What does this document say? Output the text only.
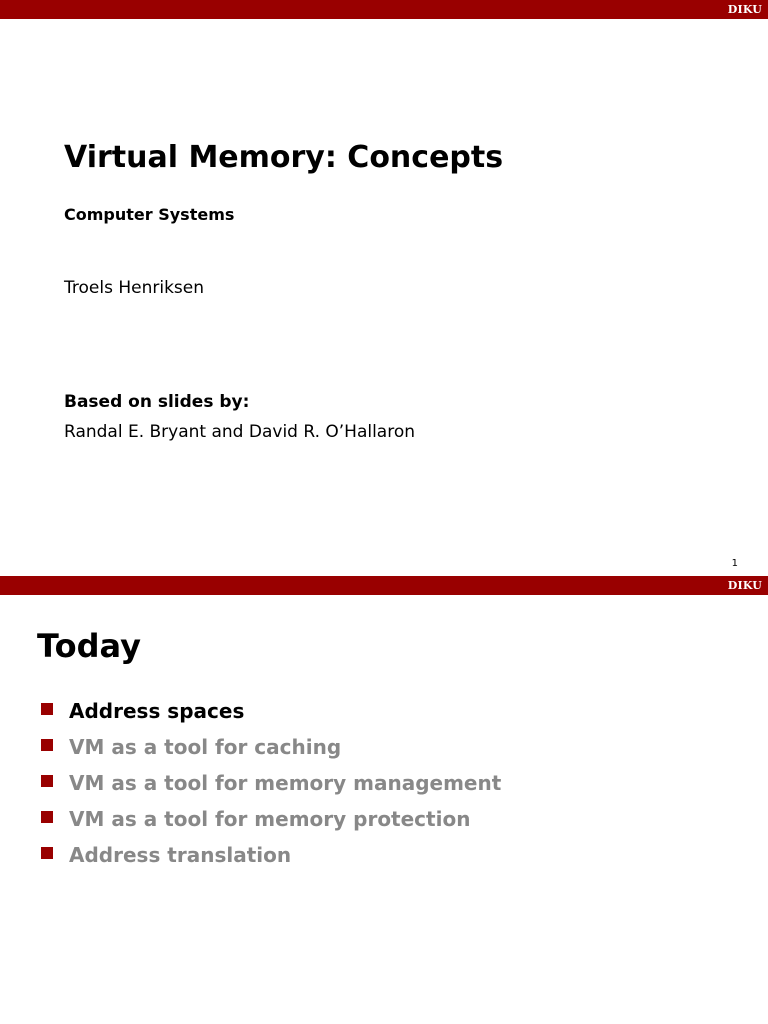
DIKU
Virtual Memory: Concepts
Computer Systems
Troels Henriksen
Based on slides by:
Randal E. Bryant and David R. O’Hallaron
1
DIKU
Today
Address spaces
VM as a tool for caching
VM as a tool for memory management
VM as a tool for memory protection
Address translation
